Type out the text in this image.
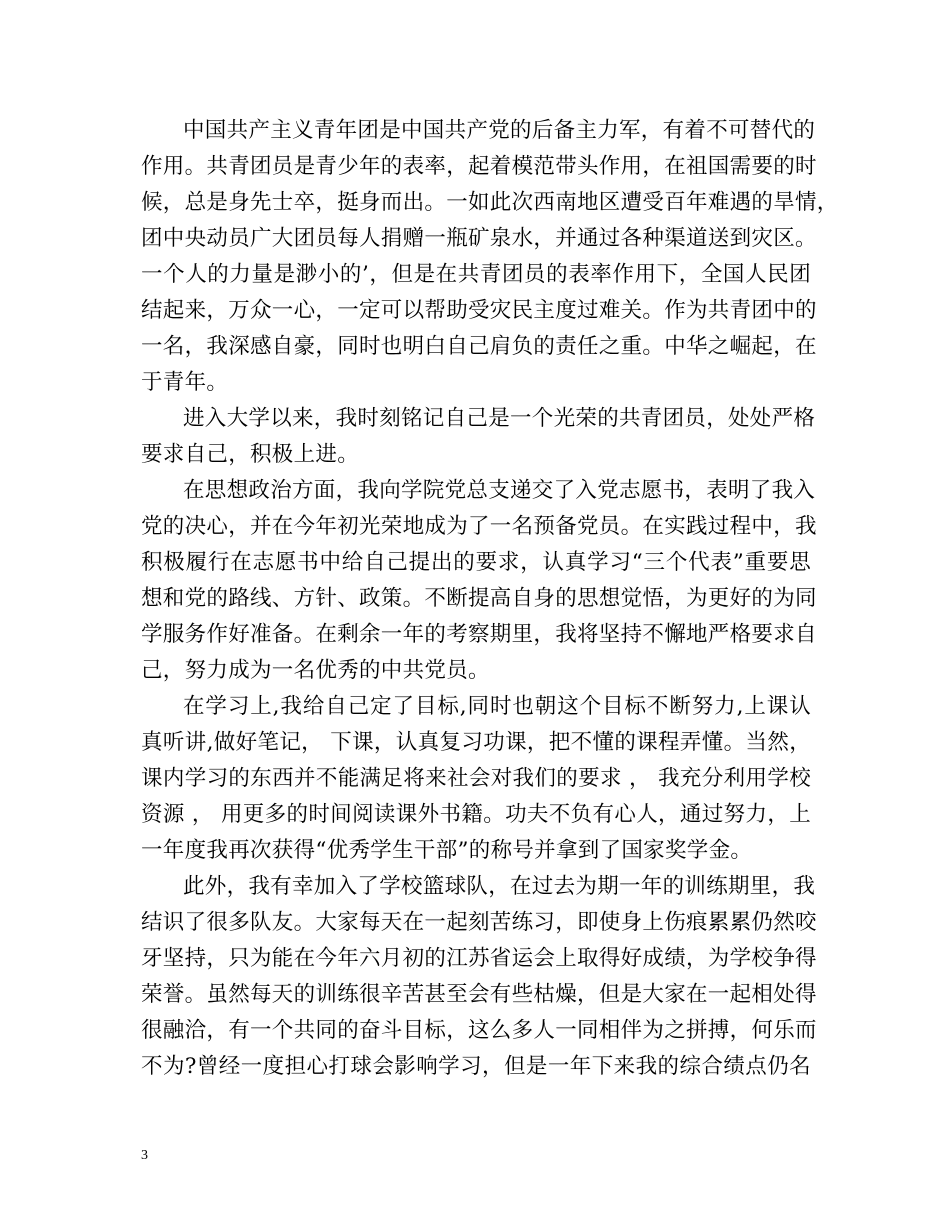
中国共产主义青年团是中国共产党的后备主力军，有着不可替代的
作用。共青团员是青少年的表率，起着模范带头作用，在祖国需要的时
候，总是身先士卒，挺身而出。一如此次西南地区遭受百年难遇的旱情，
团中央动员广大团员每人捐赠一瓶矿泉水，并通过各种渠道送到灾区。
一个人的力量是渺小的’，但是在共青团员的表率作用下，全国人民团
结起来，万众一心，一定可以帮助受灾民主度过难关。作为共青团中的
一名，我深感自豪，同时也明白自己肩负的责任之重。中华之崛起，在
于青年。
进入大学以来，我时刻铭记自己是一个光荣的共青团员，处处严格
要求自己，积极上进。
在思想政治方面，我向学院党总支递交了入党志愿书，表明了我入
党的决心，并在今年初光荣地成为了一名预备党员。在实践过程中，我
积极履行在志愿书中给自己提出的要求，认真学习“三个代表”重要思
想和党的路线、方针、政策。不断提高自身的思想觉悟，为更好的为同
学服务作好准备。在剩余一年的考察期里，我将坚持不懈地严格要求自
己，努力成为一名优秀的中共党员。
在学习上,我给自己定了目标,同时也朝这个目标不断努力,上课认
真听讲,做好笔记， 下课，认真复习功课，把不懂的课程弄懂。当然，
课内学习的东西并不能满足将来社会对我们的要求 ， 我充分利用学校
资源 ， 用更多的时间阅读课外书籍。功夫不负有心人，通过努力，上
一年度我再次获得“优秀学生干部”的称号并拿到了国家奖学金。
此外，我有幸加入了学校篮球队，在过去为期一年的训练期里，我
结识了很多队友。大家每天在一起刻苦练习，即使身上伤痕累累仍然咬
牙坚持，只为能在今年六月初的江苏省运会上取得好成绩，为学校争得
荣誉。虽然每天的训练很辛苦甚至会有些枯燥，但是大家在一起相处得
很融洽，有一个共同的奋斗目标，这么多人一同相伴为之拼搏，何乐而
不为?曾经一度担心打球会影响学习，但是一年下来我的综合绩点仍名
3
